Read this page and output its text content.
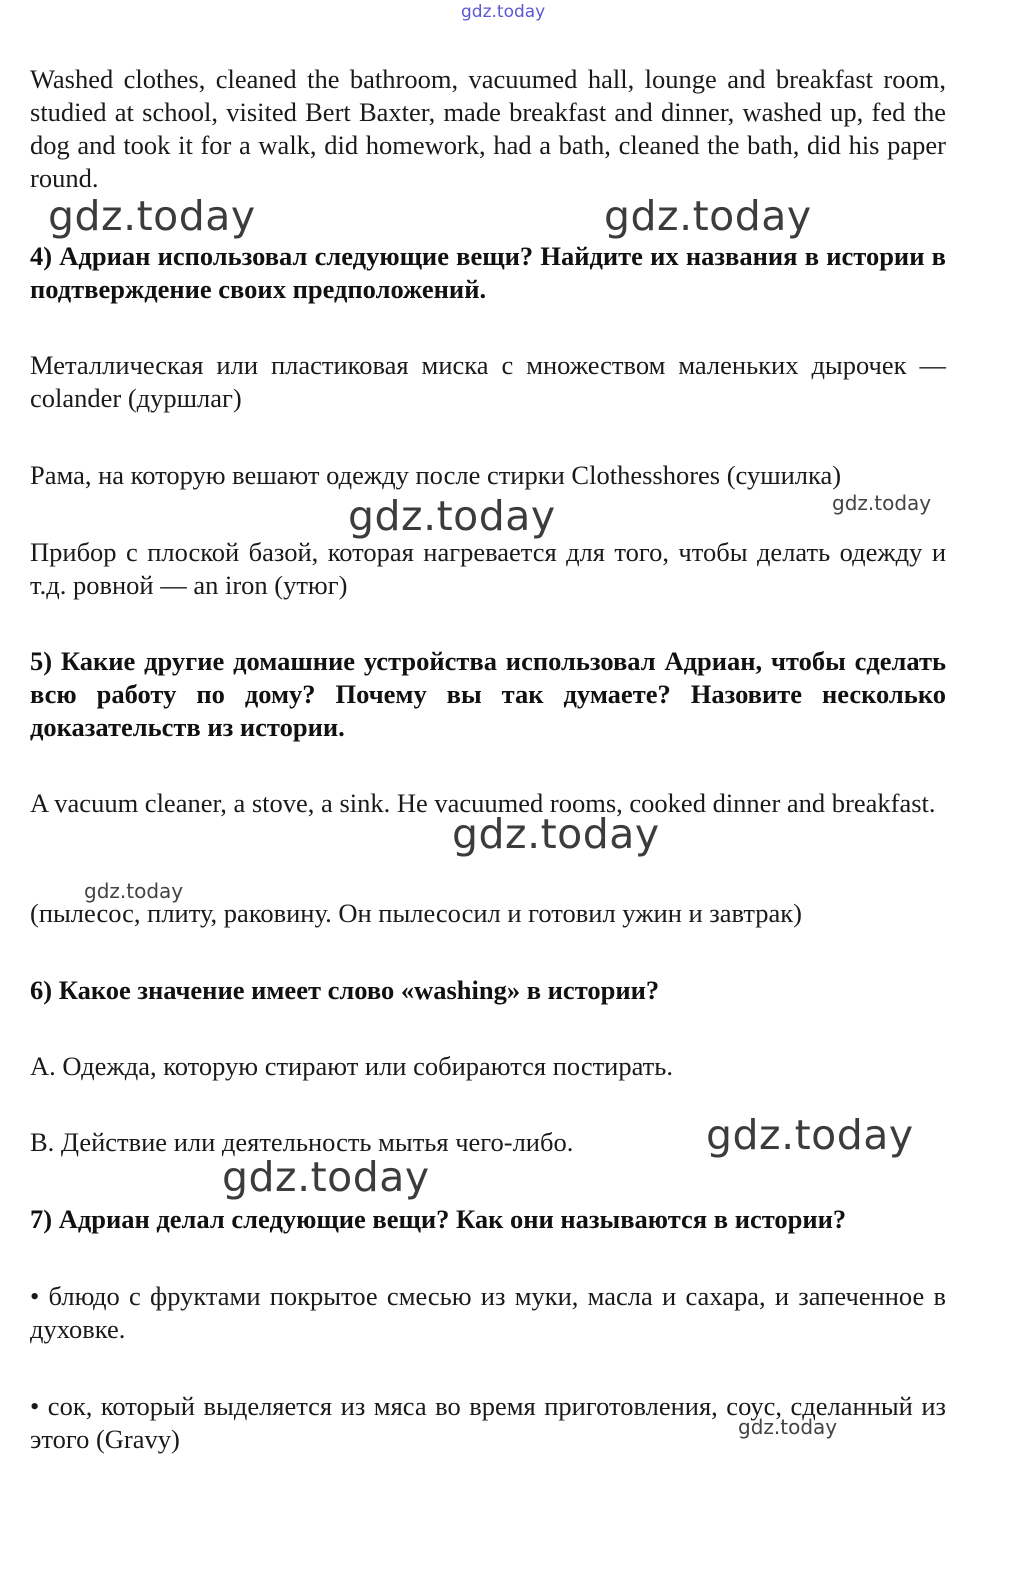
gdz.today

Washed clothes, cleaned the bathroom, vacuumed hall, lounge and breakfast room, studied at school, visited Bert Baxter, made breakfast and dinner, washed up, fed the dog and took it for a walk, did homework, had a bath, cleaned the bath, did his paper round.

gdz.today	gdz.today

4) Адриан использовал следующие вещи? Найдите их названия в истории в подтверждение своих предположений.

Металлическая или пластиковая миска с множеством маленьких дырочек — colander (дуршлаг)

Рама, на которую вешают одежду после стирки Clothesshores (сушилка)

gdz.today
gdz.today

Прибор с плоской базой, которая нагревается для того, чтобы делать одежду и т.д. ровной — an iron (утюг)

5) Какие другие домашние устройства использовал Адриан, чтобы сделать всю работу по дому? Почему вы так думаете? Назовите несколько доказательств из истории.

A vacuum cleaner, a stove, a sink. He vacuumed rooms, cooked dinner and breakfast.

gdz.today
gdz.today

(пылесос, плиту, раковину. Он пылесосил и готовил ужин и завтрак)

6) Какое значение имеет слово «washing» в истории?

A. Одежда, которую стирают или собираются постирать.

B. Действие или деятельность мытья чего-либо.	gdz.today
gdz.today

7) Адриан делал следующие вещи? Как они называются в истории?

• блюдо с фруктами покрытое смесью из муки, масла и сахара, и запеченное в духовке.

• сок, который выделяется из мяса во время приготовления, соус, сделанный из этого (Gravy)	gdz.today
